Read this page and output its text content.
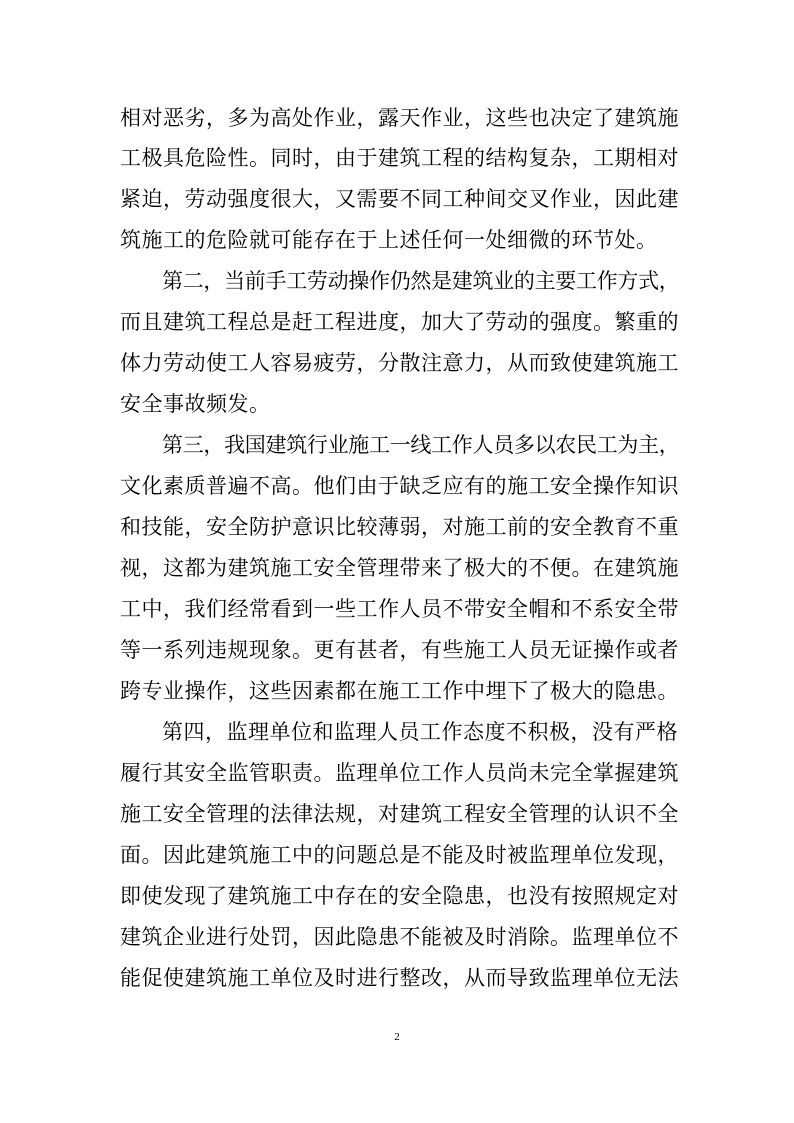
相对恶劣，多为高处作业，露天作业，这些也决定了建筑施
工极具危险性。同时，由于建筑工程的结构复杂，工期相对
紧迫，劳动强度很大，又需要不同工种间交叉作业，因此建
筑施工的危险就可能存在于上述任何一处细微的环节处。
第二，当前手工劳动操作仍然是建筑业的主要工作方式，
而且建筑工程总是赶工程进度，加大了劳动的强度。繁重的
体力劳动使工人容易疲劳，分散注意力，从而致使建筑施工
安全事故频发。
第三，我国建筑行业施工一线工作人员多以农民工为主，
文化素质普遍不高。他们由于缺乏应有的施工安全操作知识
和技能，安全防护意识比较薄弱，对施工前的安全教育不重
视，这都为建筑施工安全管理带来了极大的不便。在建筑施
工中，我们经常看到一些工作人员不带安全帽和不系安全带
等一系列违规现象。更有甚者，有些施工人员无证操作或者
跨专业操作，这些因素都在施工工作中埋下了极大的隐患。
第四，监理单位和监理人员工作态度不积极，没有严格
履行其安全监管职责。监理单位工作人员尚未完全掌握建筑
施工安全管理的法律法规，对建筑工程安全管理的认识不全
面。因此建筑施工中的问题总是不能及时被监理单位发现，
即使发现了建筑施工中存在的安全隐患，也没有按照规定对
建筑企业进行处罚，因此隐患不能被及时消除。监理单位不
能促使建筑施工单位及时进行整改，从而导致监理单位无法
2
